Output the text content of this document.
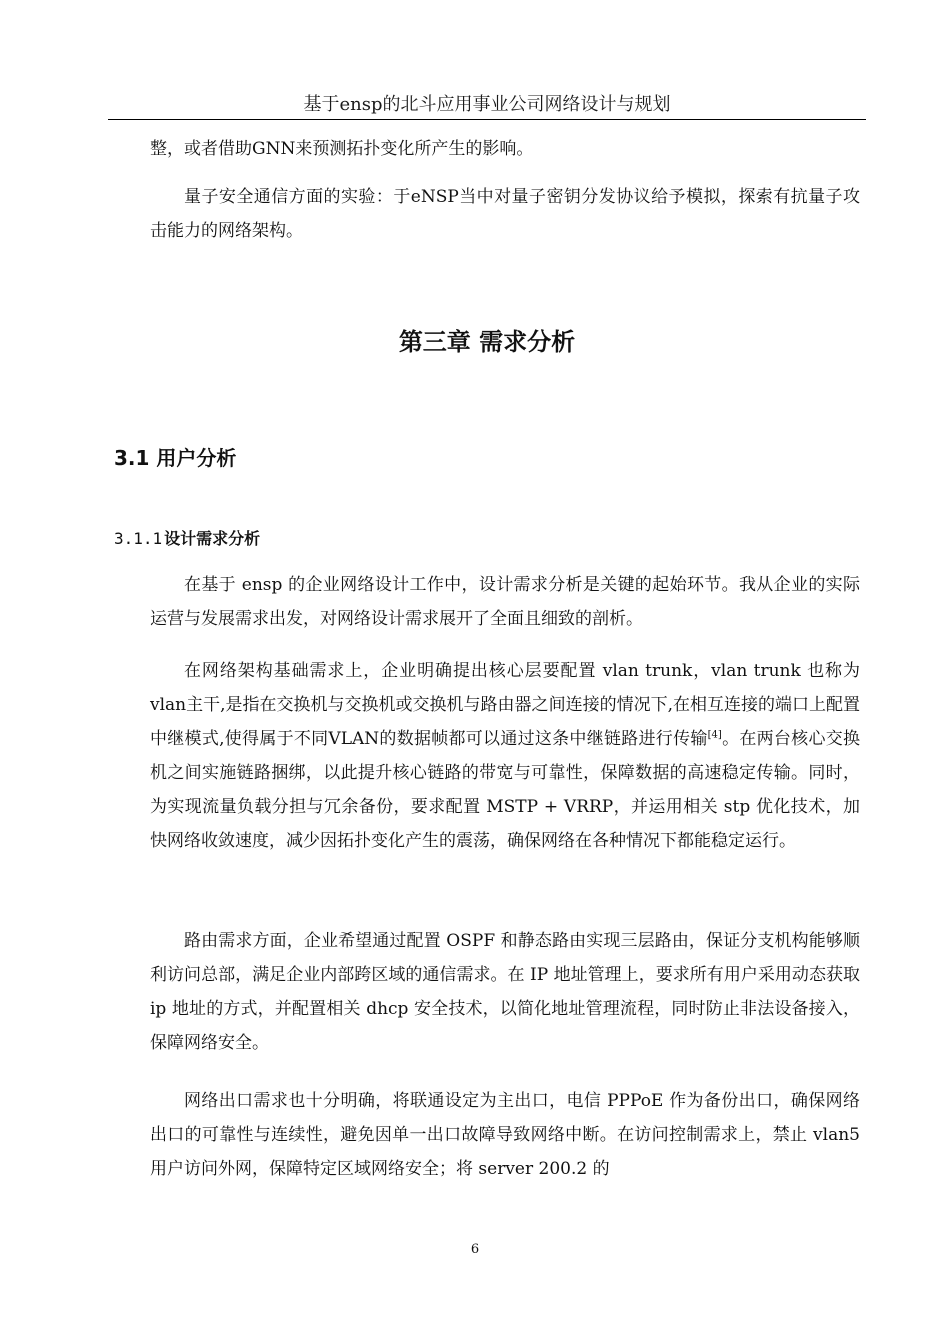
基于ensp的北斗应用事业公司网络设计与规划

整，或者借助GNN来预测拓扑变化所产生的影响。

量子安全通信方面的实验：于eNSP当中对量子密钥分发协议给予模拟，探索有抗量子攻击能力的网络架构。

第三章 需求分析
3.1 用户分析
3.1.1 设计需求分析

在基于 ensp 的企业网络设计工作中，设计需求分析是关键的起始环节。我从企业的实际运营与发展需求出发，对网络设计需求展开了全面且细致的剖析。

在网络架构基础需求上，企业明确提出核心层要配置 vlan trunk，vlan trunk 也称为vlan主干,是指在交换机与交换机或交换机与路由器之间连接的情况下,在相互连接的端口上配置中继模式,使得属于不同VLAN的数据帧都可以通过这条中继链路进行传输[4]。在两台核心交换机之间实施链路捆绑，以此提升核心链路的带宽与可靠性，保障数据的高速稳定传输。同时，为实现流量负载分担与冗余备份，要求配置 MSTP + VRRP，并运用相关 stp 优化技术，加快网络收敛速度，减少因拓扑变化产生的震荡，确保网络在各种情况下都能稳定运行。

路由需求方面，企业希望通过配置 OSPF 和静态路由实现三层路由，保证分支机构能够顺利访问总部，满足企业内部跨区域的通信需求。在 IP 地址管理上，要求所有用户采用动态获取 ip 地址的方式，并配置相关 dhcp 安全技术，以简化地址管理流程，同时防止非法设备接入，保障网络安全。

网络出口需求也十分明确，将联通设定为主出口，电信 PPPoE 作为备份出口，确保网络出口的可靠性与连续性，避免因单一出口故障导致网络中断。在访问控制需求上，禁止 vlan5 用户访问外网，保障特定区域网络安全；将 server 200.2 的

6
